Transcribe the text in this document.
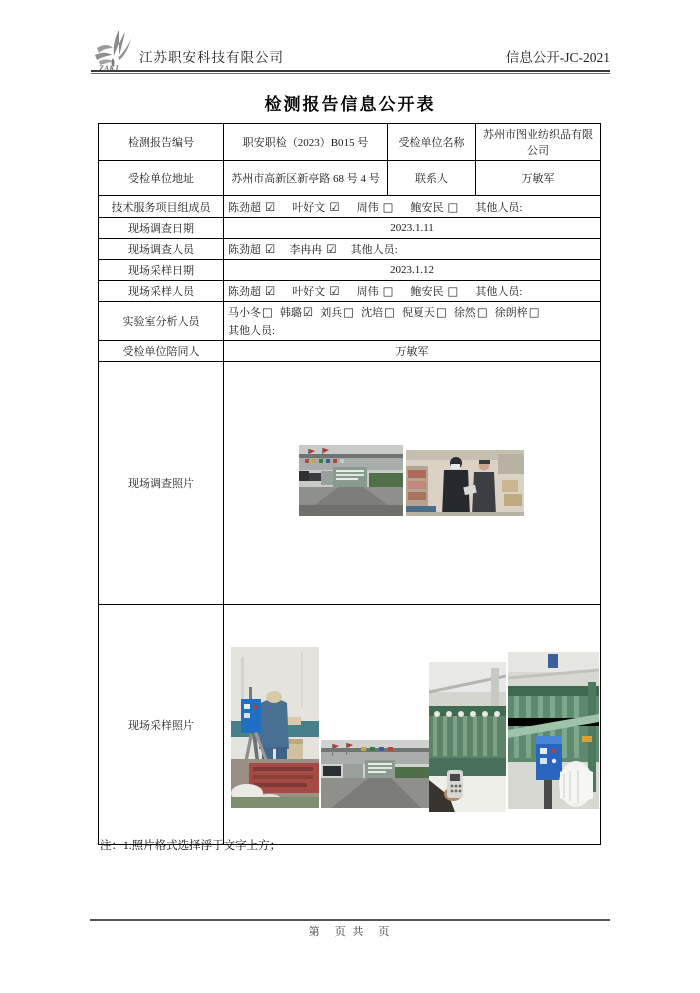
ZAKJ
江苏职安科技有限公司	信息公开-JC-2021
检测报告信息公开表
检测报告编号	职安职检（2023）B015 号	受检单位名称	苏州市图业纺织品有限公司
受检单位地址	苏州市高新区新亭路 68 号 4 号	联系人	万敏军
技术服务项目组成员	陈劲超 ☑ 叶好文 ☑ 周伟 □ 鲍安民 □ 其他人员:		
现场调查日期	2023.1.11		
现场调查人员	陈劲超 ☑ 李冉冉 ☑ 其他人员:		
现场采样日期	2023.1.12		
现场采样人员	陈劲超 ☑ 叶好文 ☑ 周伟 □ 鲍安民 □ 其他人员:		
实验室分析人员	马小冬□ 韩璐☑ 刘兵□ 沈培□ 倪夏天□ 徐然□ 徐朗梓□
其他人员:		
受检单位陪同人	万敏军		
现场调查照片	

现场采样照片	
注：1.照片格式选择浮于文字上方；
第　页 共　页
